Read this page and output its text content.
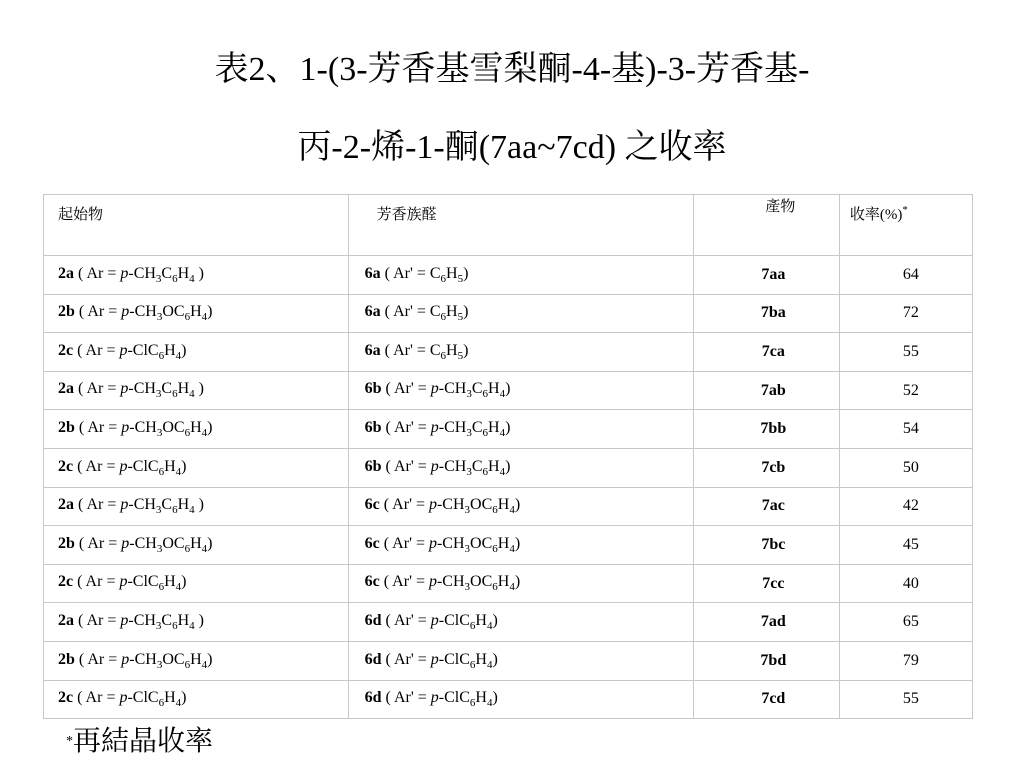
表2、1-(3-芳香基雪梨酮-4-基)-3-芳香基-
丙-2-烯-1-酮(7aa~7cd) 之收率
起始物	芳香族醛	產物	收率(%)*
2a ( $Ar = p-CH_3C_6H_4$ )	6a ( $Ar' = C_6H_5$)	7aa	64
2b ( $Ar = p-CH_3OC_6H_4$)	6a ( $Ar' = C_6H_5$)	7ba	72
2c ( $Ar = p-ClC_6H_4$)	6a ( $Ar' = C_6H_5$)	7ca	55
2a ( $Ar = p-CH_3C_6H_4$ )	6b ( $Ar' = p-CH_3C_6H_4$)	7ab	52
2b ( $Ar = p-CH_3OC_6H_4$)	6b ( $Ar' = p-CH_3C_6H_4$)	7bb	54
2c ( $Ar = p-ClC_6H_4$)	6b ( $Ar' = p-CH_3C_6H_4$)	7cb	50
2a ( $Ar = p-CH_3C_6H_4$ )	6c ( $Ar' = p-CH_3OC_6H_4$)	7ac	42
2b ( $Ar = p-CH_3OC_6H_4$)	6c ( $Ar' = p-CH_3OC_6H_4$)	7bc	45
2c ( $Ar = p-ClC_6H_4$)	6c ( $Ar' = p-CH_3OC_6H_4$)	7cc	40
2a ( $Ar = p-CH_3C_6H_4$ )	6d ( $Ar' = p-ClC_6H_4$)	7ad	65
2b ( $Ar = p-CH_3OC_6H_4$)	6d ( $Ar' = p-ClC_6H_4$)	7bd	79
2c ( $Ar = p-ClC_6H_4$)	6d ( $Ar' = p-ClC_6H_4$)	7cd	55
*再結晶收率
